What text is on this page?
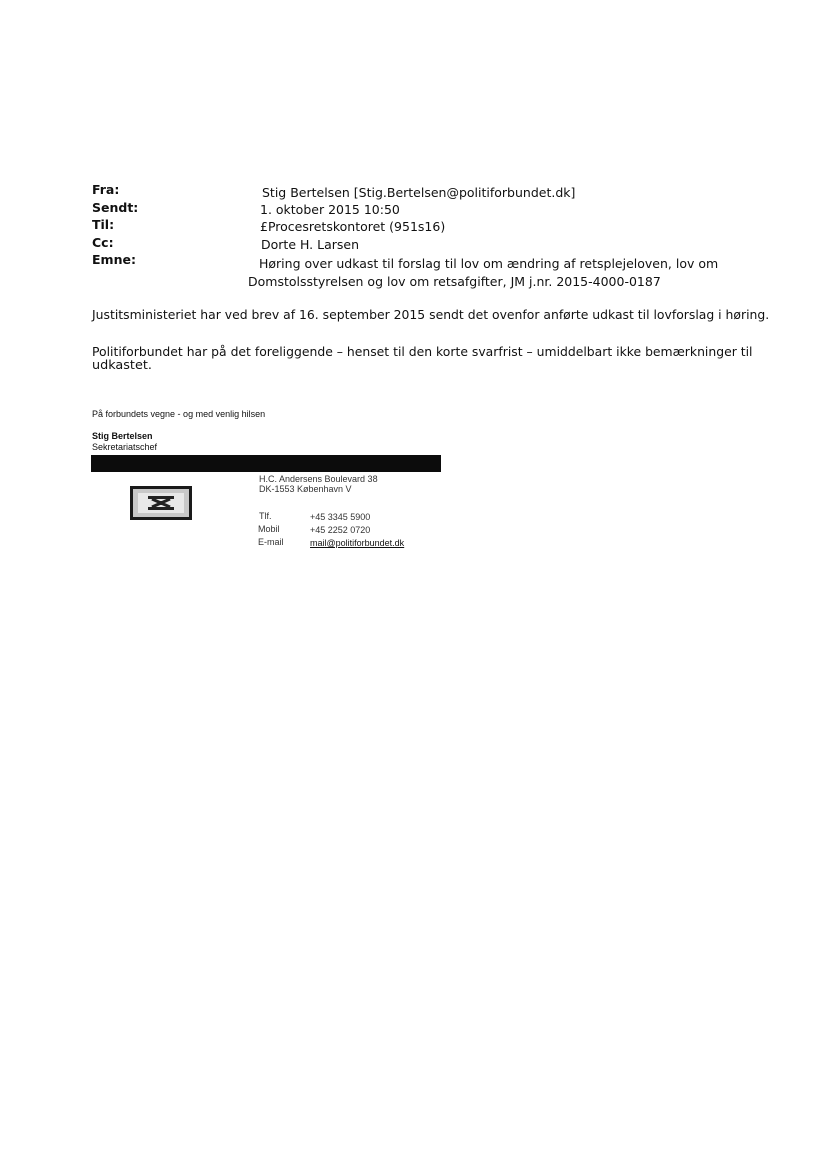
Fra:	Stig Bertelsen [Stig.Bertelsen@politiforbundet.dk]

Sendt:	1. oktober 2015 10:50

Til:	£Procesretskontoret (951s16)

Cc:	Dorte H. Larsen

Emne:	Høring over udkast til forslag til lov om ændring af retsplejeloven, lov om

Domstolsstyrelsen og lov om retsafgifter, JM j.nr. 2015-4000-0187

Justitsministeriet har ved brev af 16. september 2015 sendt det ovenfor anførte udkast til lovforslag i høring.

Politiforbundet har på det foreliggende – henset til den korte svarfrist – umiddelbart ikke bemærkninger til

udkastet.

På forbundets vegne - og med venlig hilsen

Stig Bertelsen

Sekretariatschef

H.C. Andersens Boulevard 38

DK-1553 København V

Tlf.	+45 3345 5900

Mobil	+45 2252 0720

E-mail	mail@politiforbundet.dk
